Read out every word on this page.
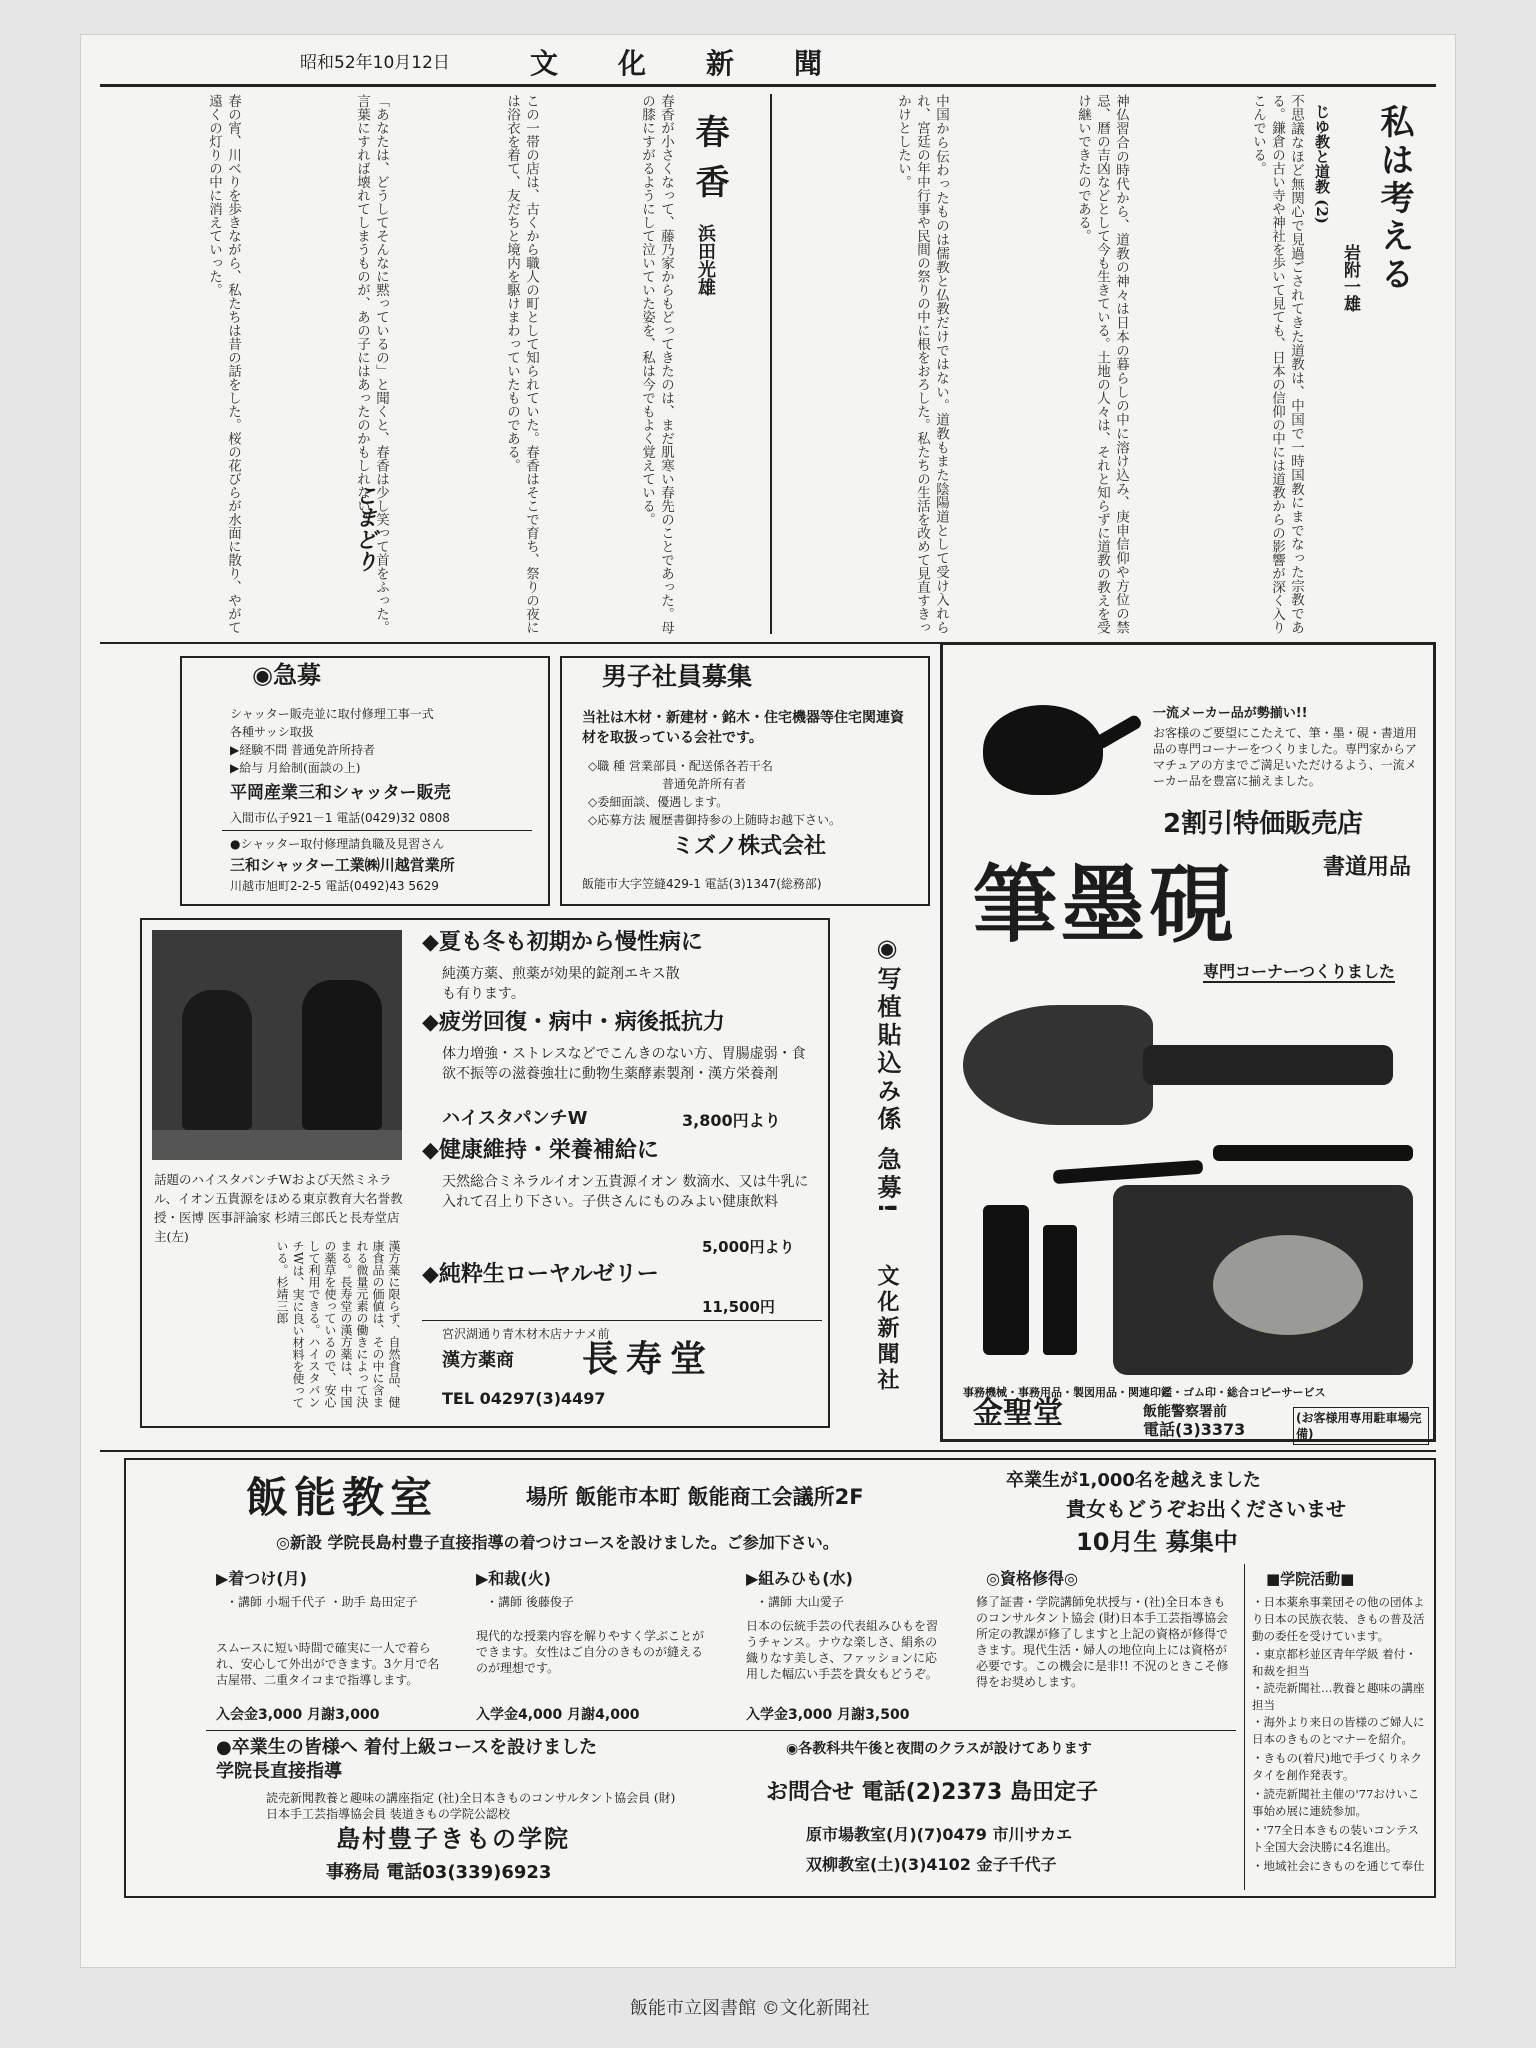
昭和52年10月12日	文化新聞
私は考える
岩附一雄
じゆ教と道教 (2)
不思議なほど無関心で見過ごされてきた道教は、中国で一時国教にまでなった宗教である。鎌倉の古い寺や神社を歩いて見ても、日本の信仰の中には道教からの影響が深く入りこんでいる。
神仏習合の時代から、道教の神々は日本の暮らしの中に溶け込み、庚申信仰や方位の禁忌、暦の吉凶などとして今も生きている。土地の人々は、それと知らずに道教の教えを受け継いできたのである。
中国から伝わったものは儒教と仏教だけではない。道教もまた陰陽道として受け入れられ、宮廷の年中行事や民間の祭りの中に根をおろした。私たちの生活を改めて見直すきっかけとしたい。
春香
浜田光雄
春香が小さくなって、藤乃家からもどってきたのは、まだ肌寒い春先のことであった。母の膝にすがるようにして泣いていた姿を、私は今でもよく覚えている。
この一帯の店は、古くから職人の町として知られていた。春香はそこで育ち、祭りの夜には浴衣を着て、友だちと境内を駆けまわっていたものである。
「あなたは、どうしてそんなに黙っているの」と聞くと、春香は少し笑って首をふった。言葉にすれば壊れてしまうものが、あの子にはあったのかもしれない。
春の宵、川べりを歩きながら、私たちは昔の話をした。桜の花びらが水面に散り、やがて遠くの灯りの中に消えていった。
こまどり
◉急募
シャッター販売並に取付修理工事一式
各種サッシ取扱
▶経験不問 普通免許所持者
▶給与 月給制(面談の上)
平岡産業三和シャッター販売
入間市仏子921－1 電話(0429)32 0808
●シャッター取付修理請負職及見習さん
三和シャッター工業㈱川越営業所
川越市旭町2-2-5 電話(0492)43 5629
男子社員募集
当社は木材・新建材・銘木・住宅機器等住宅関連資材を取扱っている会社です。
◇職 種 営業部員・配送係各若干名
普通免許所有者
◇委細面談、優遇します。
◇応募方法 履歴書御持参の上随時お越下さい。
ミズノ株式会社
飯能市大字笠縫429-1 電話(3)1347(総務部)
一流メーカー品が勢揃い!!
お客様のご要望にこたえて、筆・墨・硯・書道用品の専門コーナーをつくりました。専門家からアマチュアの方までご満足いただけるよう、一流メーカー品を豊富に揃えました。
2割引特価販売店
筆墨硯	書道用品
専門コーナーつくりました
事務機械・事務用品・製図用品・関連印鑑・ゴム印・総合コピーサービス
金聖堂	飯能警察署前
電話(3)3373
(お客様用専用駐車場完備)
話題のハイスタパンチWおよび天然ミネラル、イオン五貴源をほめる東京教育大名誉教授・医博 医事評論家 杉靖三郎氏と長寿堂店主(左)
漢方薬に限らず、自然食品、健康食品の価値は、その中に含まれる微量元素の働きによって決まる。長寿堂の漢方薬は、中国の薬草を使っているので、安心して利用できる。ハイスタパンチWは、実に良い材料を使っている。杉靖三郎
◆夏も冬も初期から慢性病に
純漢方薬、煎薬が効果的錠剤エキス散も有ります。
◆疲労回復・病中・病後抵抗力
体力増強・ストレスなどでこんきのない方、胃腸虚弱・食欲不振等の滋養強壮に動物生薬酵素製剤・漢方栄養剤
ハイスタパンチW	3,800円より
◆健康維持・栄養補給に
天然総合ミネラルイオン五貴源イオン 数滴水、又は牛乳に入れて召上り下さい。子供さんにものみよい健康飲料
5,000円より
◆純粋生ローヤルゼリー
11,500円
宮沢湖通り青木材木店ナナメ前
漢方薬商 長寿堂
TEL 04297(3)4497
◉写植貼込み係 急募!
文化新聞社
飯能教室	場所 飯能市本町 飯能商工会議所2F
卒業生が1,000名を越えました
貴女もどうぞお出くださいませ
◎新設 学院長島村豊子直接指導の着つけコースを設けました。ご参加下さい。	10月生 募集中
▶着つけ(月)
・講師 小堀千代子 ・助手 島田定子
スムースに短い時間で確実に一人で着られ、安心して外出ができます。3ケ月で名古屋帯、二重タイコまで指導します。
入会金3,000 月謝3,000
▶和裁(火)
・講師 後藤俊子
現代的な授業内容を解りやすく学ぶことができます。女性はご自分のきものが縫えるのが理想です。
入学金4,000 月謝4,000
▶組みひも(水)
・講師 大山愛子
日本の伝統手芸の代表組みひもを習うチャンス。ナウな楽しさ、絹糸の織りなす美しさ、ファッションに応用した幅広い手芸を貴女もどうぞ。
入学金3,000 月謝3,500
◎資格修得◎
修了証書・学院講師免状授与・(社)全日本きものコンサルタント協会 (財)日本手工芸指導協会 所定の教課が修了しますと上記の資格が修得できます。現代生活・婦人の地位向上には資格が必要です。この機会に是非!! 不況のときこそ修得をお奨めします。
■学院活動■
・日本薬糸事業団その他の団体より日本の民族衣装、きもの普及活動の委任を受けています。
・東京都杉並区青年学級 着付・和裁を担当
・読売新聞社…教養と趣味の講座担当
・海外より来日の皆様のご婦人に日本のきものとマナーを紹介。
・きもの(着尺)地で手づくりネクタイを創作発表す。
・読売新聞社主催の'77おけいこ事始め展に連続参加。
・'77全日本きもの装いコンテスト全国大会決勝に4名進出。
・地域社会にきものを通じて奉仕
●卒業生の皆様へ 着付上級コースを設けました 学院長直接指導
読売新聞教養と趣味の講座指定 (社)全日本きものコンサルタント協会員 (財)日本手工芸指導協会員 装道きもの学院公認校
島村豊子きもの学院
事務局 電話03(339)6923
◉各教科共午後と夜間のクラスが設けてあります
お問合せ 電話(2)2373 島田定子
原市場教室(月)(7)0479 市川サカエ
双柳教室(土)(3)4102 金子千代子
飯能市立図書館 ©文化新聞社
